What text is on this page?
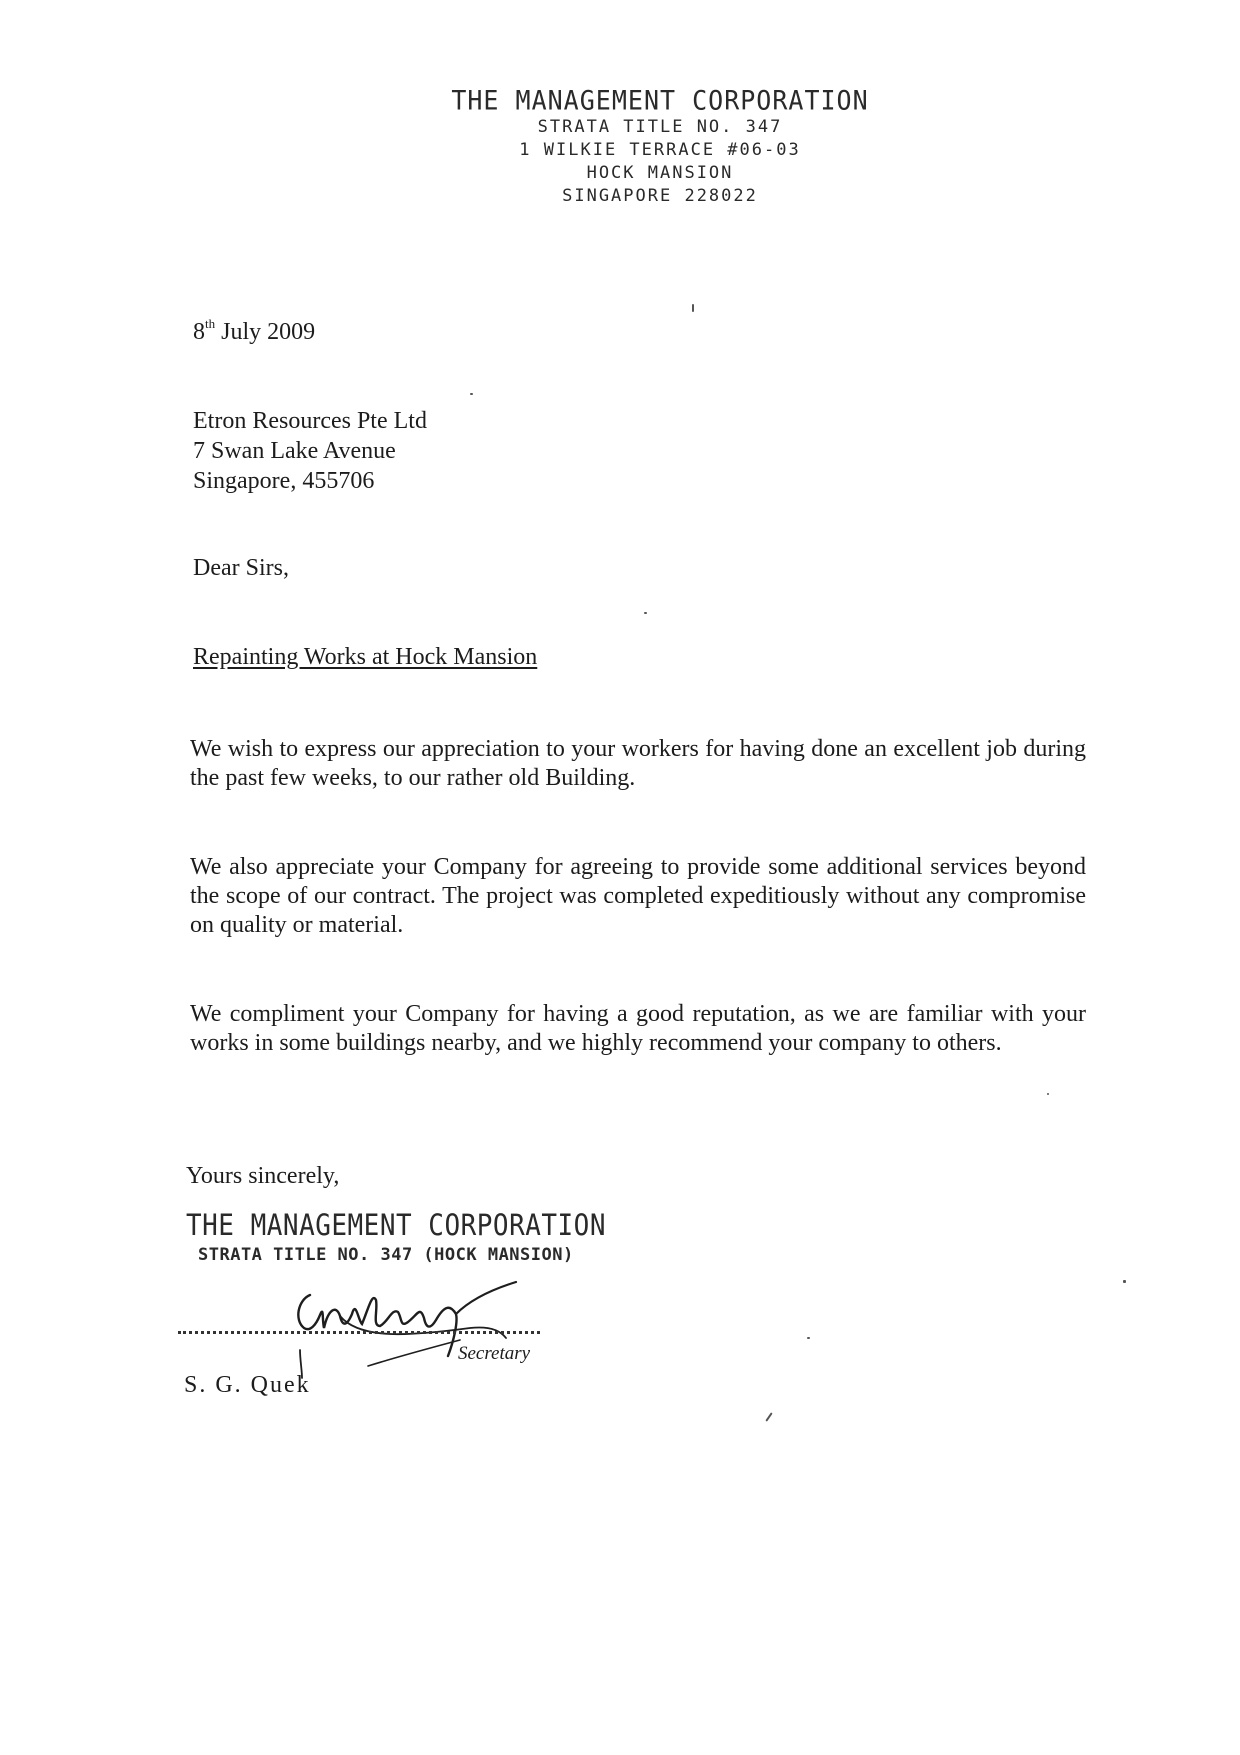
THE MANAGEMENT CORPORATION
STRATA TITLE NO. 347
1 WILKIE TERRACE #06-03
HOCK MANSION
SINGAPORE 228022
8th July 2009
Etron Resources Pte Ltd
7 Swan Lake Avenue
Singapore, 455706
Dear Sirs,
Repainting Works at Hock Mansion
We wish to express our appreciation to your workers for having done an excellent job during the past few weeks, to our rather old Building.
We also appreciate your Company for agreeing to provide some additional services beyond the scope of our contract. The project was completed expeditiously without any compromise on quality or material.
We compliment your Company for having a good reputation, as we are familiar with your works in some buildings nearby, and we highly recommend your company to others.
Yours sincerely,
THE MANAGEMENT CORPORATION
STRATA TITLE NO. 347 (HOCK MANSION)
Secretary
S. G. Quek
